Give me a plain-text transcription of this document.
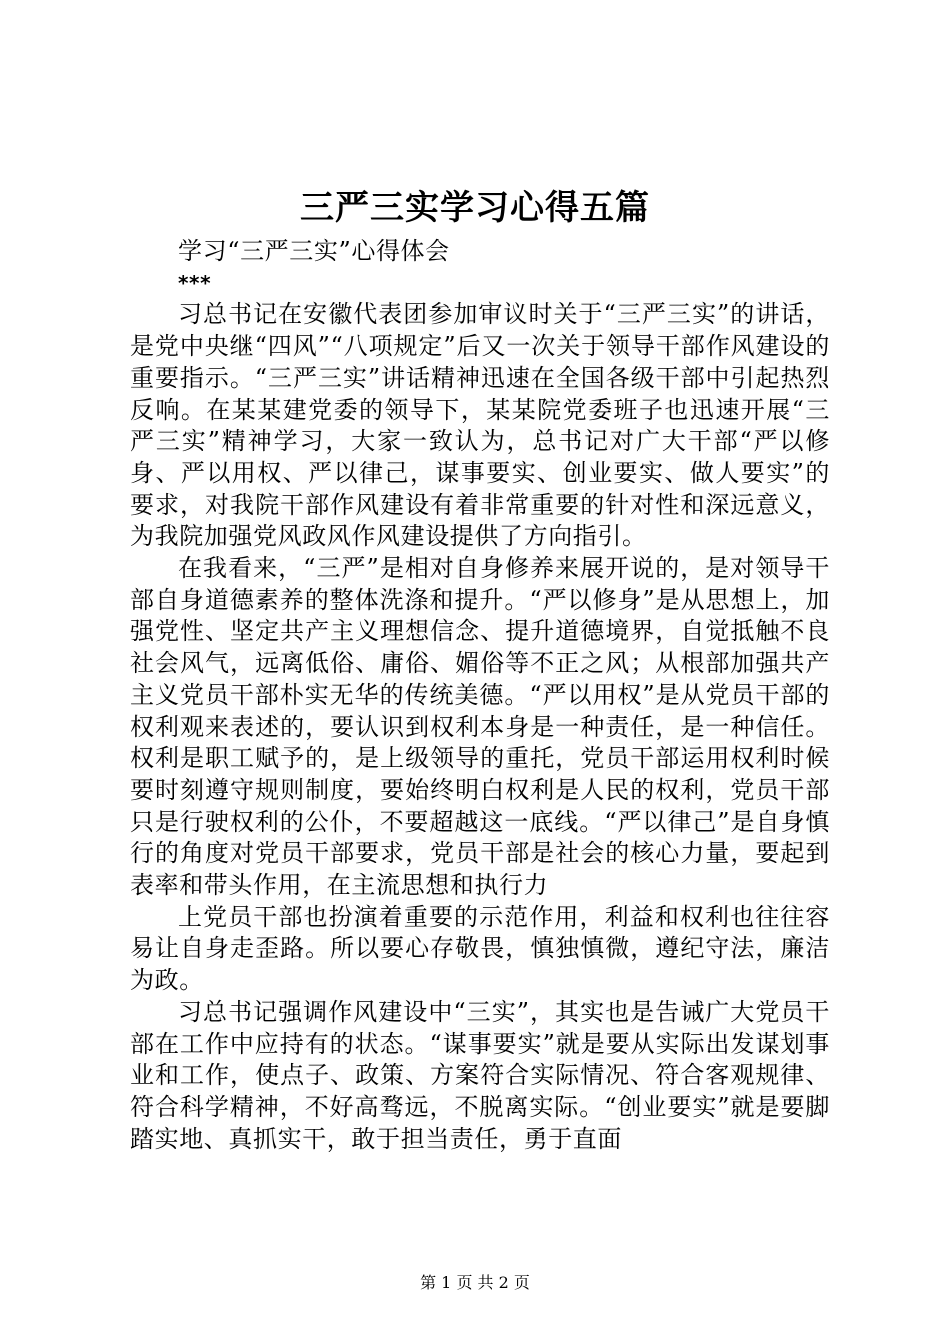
三严三实学习心得五篇
学习“三严三实”心得体会
***

习总书记在安徽代表团参加审议时关于“三严三实”的讲话，是党中央继“四风”“八项规定”后又一次关于领导干部作风建设的重要指示。“三严三实”讲话精神迅速在全国各级干部中引起热烈反响。在某某建党委的领导下，某某院党委班子也迅速开展“三严三实”精神学习，大家一致认为，总书记对广大干部“严以修身、严以用权、严以律己，谋事要实、创业要实、做人要实”的要求，对我院干部作风建设有着非常重要的针对性和深远意义，为我院加强党风政风作风建设提供了方向指引。

在我看来，“三严”是相对自身修养来展开说的，是对领导干部自身道德素养的整体洗涤和提升。“严以修身”是从思想上，加强党性、坚定共产主义理想信念、提升道德境界，自觉抵触不良社会风气，远离低俗、庸俗、媚俗等不正之风；从根部加强共产主义党员干部朴实无华的传统美德。“严以用权”是从党员干部的权利观来表述的，要认识到权利本身是一种责任，是一种信任。权利是职工赋予的，是上级领导的重托，党员干部运用权利时候要时刻遵守规则制度，要始终明白权利是人民的权利，党员干部只是行驶权利的公仆，不要超越这一底线。“严以律己”是自身慎行的角度对党员干部要求，党员干部是社会的核心力量，要起到表率和带头作用，在主流思想和执行力

上党员干部也扮演着重要的示范作用，利益和权利也往往容易让自身走歪路。所以要心存敬畏，慎独慎微，遵纪守法，廉洁为政。

习总书记强调作风建设中“三实”，其实也是告诫广大党员干部在工作中应持有的状态。“谋事要实”就是要从实际出发谋划事业和工作，使点子、政策、方案符合实际情况、符合客观规律、符合科学精神，不好高骛远，不脱离实际。“创业要实”就是要脚踏实地、真抓实干，敢于担当责任，勇于直面

第 1 页 共 2 页
